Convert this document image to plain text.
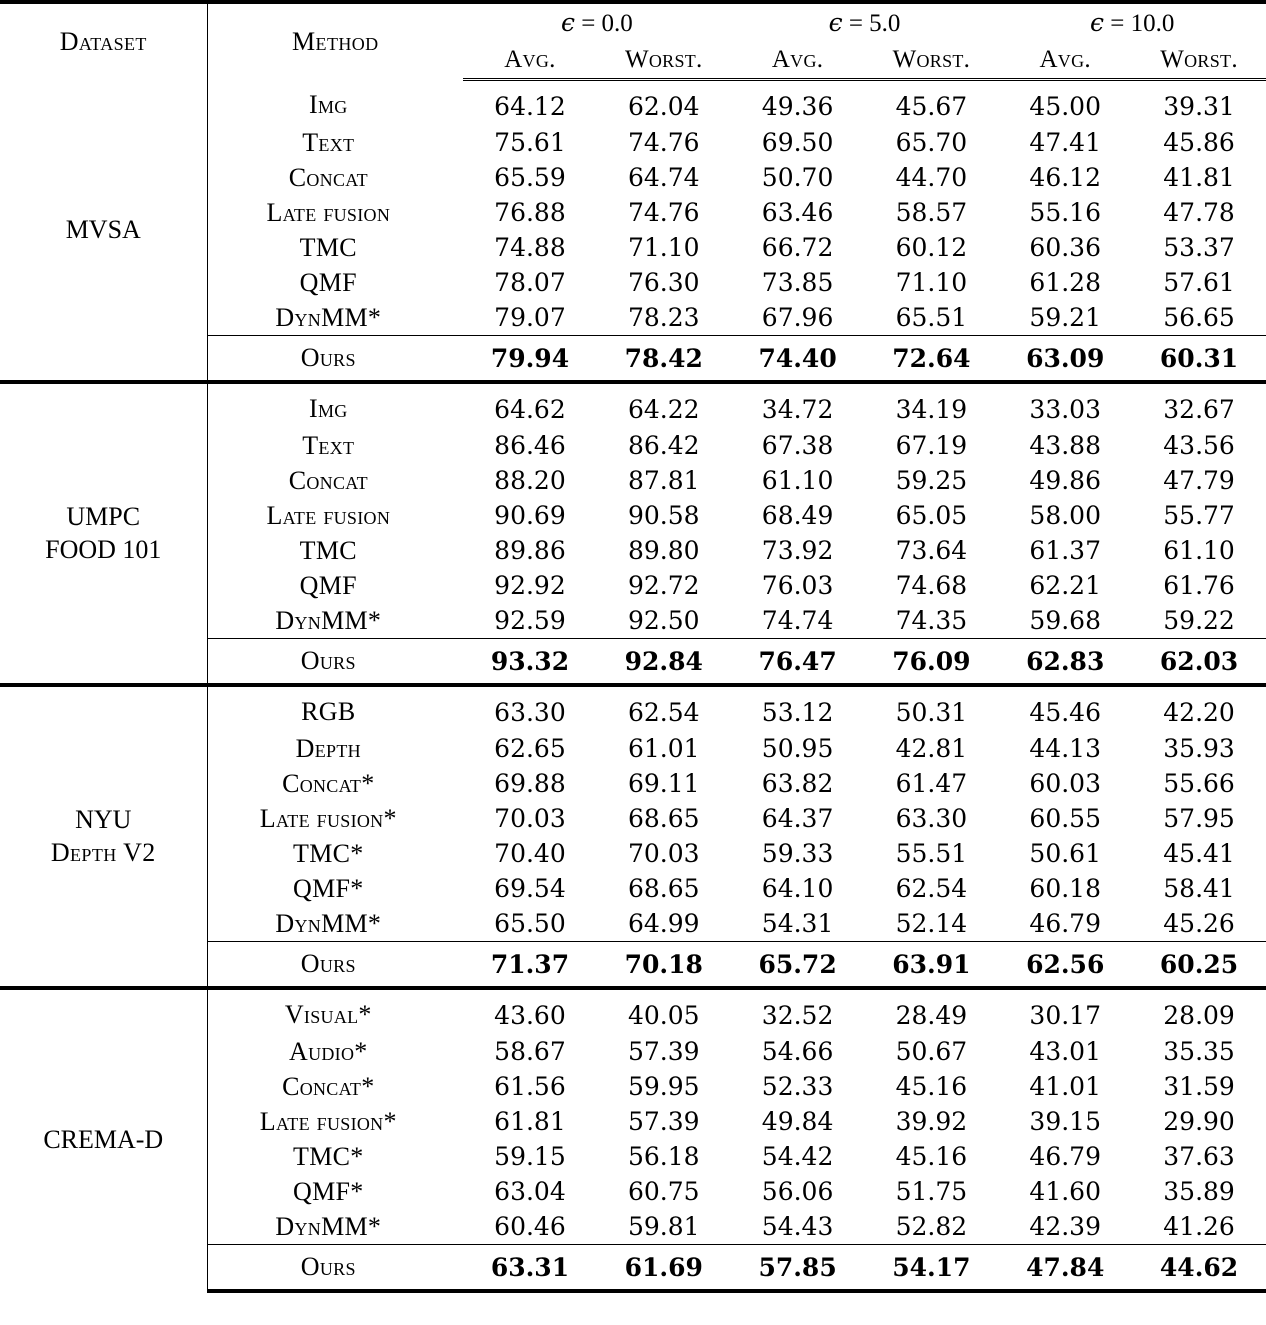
Dataset	Method	ϵ = 0.0		ϵ = 5.0		ϵ = 10.0	
		Avg.	Worst.	Avg.	Worst.	Avg.	Worst.

MVSA	Img	64.12	62.04	49.36	45.67	45.00	39.31
	Text	75.61	74.76	69.50	65.70	47.41	45.86
	Concat	65.59	64.74	50.70	44.70	46.12	41.81
	Late fusion	76.88	74.76	63.46	58.57	55.16	47.78
	TMC	74.88	71.10	66.72	60.12	60.36	53.37
	QMF	78.07	76.30	73.85	71.10	61.28	57.61
	DynMM*	79.07	78.23	67.96	65.51	59.21	56.65
	Ours	79.94	78.42	74.40	72.64	63.09	60.31

UMPC
FOOD 101	Img	64.62	64.22	34.72	34.19	33.03	32.67
	Text	86.46	86.42	67.38	67.19	43.88	43.56
	Concat	88.20	87.81	61.10	59.25	49.86	47.79
	Late fusion	90.69	90.58	68.49	65.05	58.00	55.77
	TMC	89.86	89.80	73.92	73.64	61.37	61.10
	QMF	92.92	92.72	76.03	74.68	62.21	61.76
	DynMM*	92.59	92.50	74.74	74.35	59.68	59.22
	Ours	93.32	92.84	76.47	76.09	62.83	62.03

NYU
Depth V2	RGB	63.30	62.54	53.12	50.31	45.46	42.20
	Depth	62.65	61.01	50.95	42.81	44.13	35.93
	Concat*	69.88	69.11	63.82	61.47	60.03	55.66
	Late fusion*	70.03	68.65	64.37	63.30	60.55	57.95
	TMC*	70.40	70.03	59.33	55.51	50.61	45.41
	QMF*	69.54	68.65	64.10	62.54	60.18	58.41
	DynMM*	65.50	64.99	54.31	52.14	46.79	45.26
	Ours	71.37	70.18	65.72	63.91	62.56	60.25

CREMA-D	Visual*	43.60	40.05	32.52	28.49	30.17	28.09
	Audio*	58.67	57.39	54.66	50.67	43.01	35.35
	Concat*	61.56	59.95	52.33	45.16	41.01	31.59
	Late fusion*	61.81	57.39	49.84	39.92	39.15	29.90
	TMC*	59.15	56.18	54.42	45.16	46.79	37.63
	QMF*	63.04	60.75	56.06	51.75	41.60	35.89
	DynMM*	60.46	59.81	54.43	52.82	42.39	41.26
	Ours	63.31	61.69	57.85	54.17	47.84	44.62
